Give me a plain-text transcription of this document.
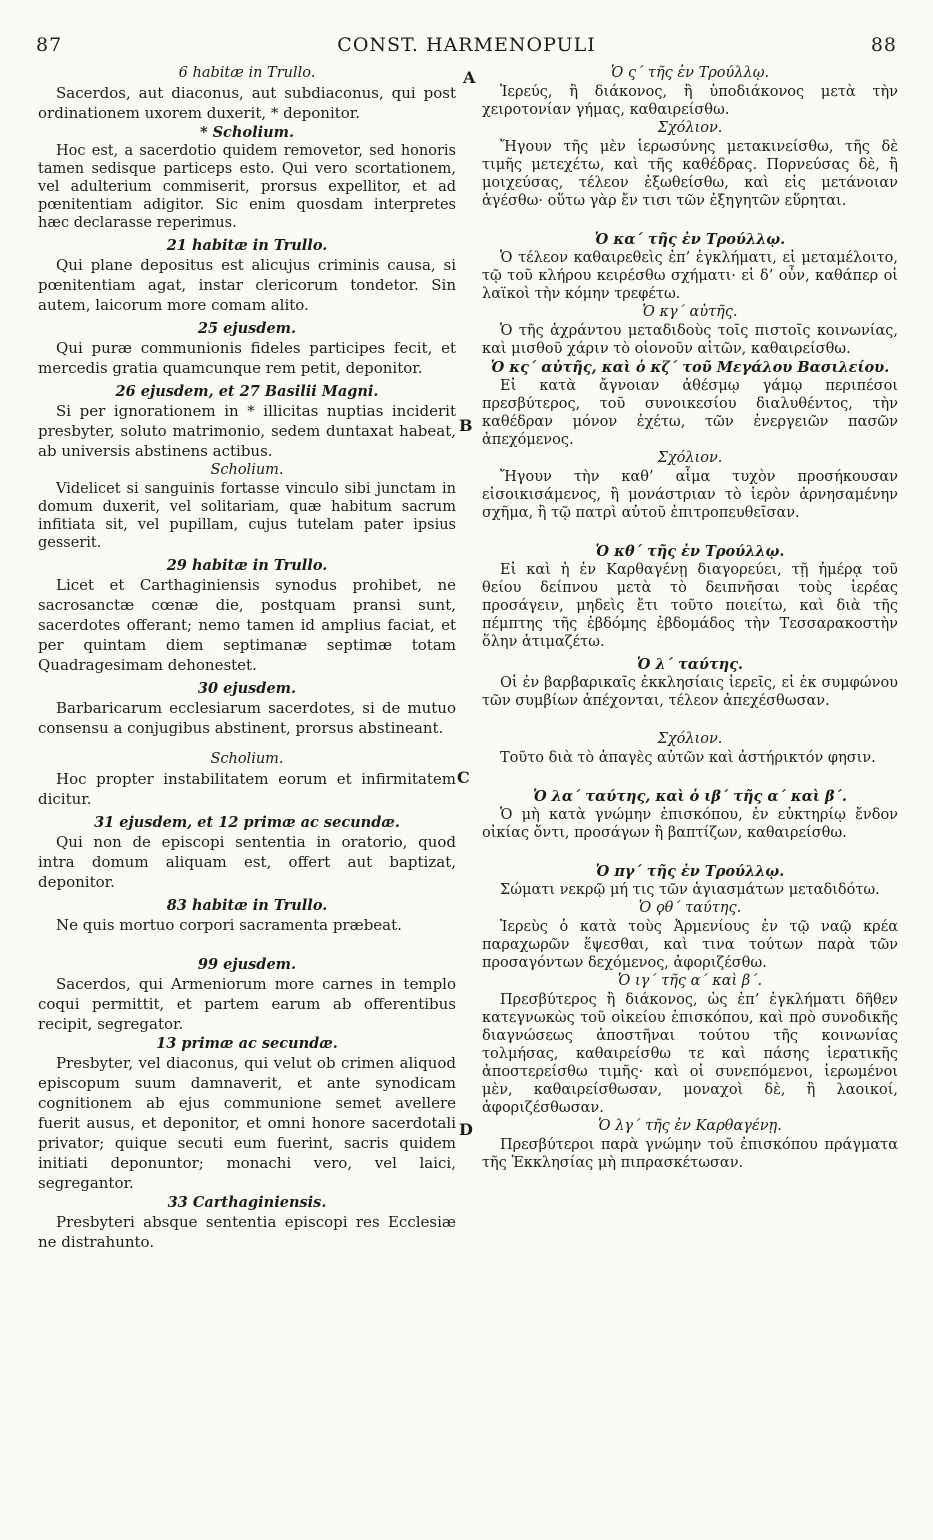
87	CONST. HARMENOPULI	88
A
B
C
D

6 habitæ in Trullo.

Sacerdos, aut diaconus, aut subdiaconus, qui post ordinationem uxorem duxerit, * deponitor.

* Scholium.

Hoc est, a sacerdotio quidem removetor, sed honoris tamen sedisque particeps esto. Qui vero scortationem, vel adulterium commiserit, prorsus expellitor, et ad pœnitentiam adigitor. Sic enim quosdam interpretes hæc declarasse reperimus.

21 habitæ in Trullo.

Qui plane depositus est alicujus criminis causa, si pœnitentiam agat, instar clericorum tondetor. Sin autem, laicorum more comam alito.

25 ejusdem.

Qui puræ communionis fideles participes fecit, et mercedis gratia quamcunque rem petit, deponitor.

26 ejusdem, et 27 Basilii Magni.

Si per ignorationem in * illicitas nuptias inciderit presbyter, soluto matrimonio, sedem duntaxat habeat, ab universis abstinens actibus.

Scholium.

Videlicet si sanguinis fortasse vinculo sibi junctam in domum duxerit, vel solitariam, quæ habitum sacrum infitiata sit, vel pupillam, cujus tutelam pater ipsius gesserit.

29 habitæ in Trullo.

Licet et Carthaginiensis synodus prohibet, ne sacrosanctæ cœnæ die, postquam pransi sunt, sacerdotes offerant; nemo tamen id amplius faciat, et per quintam diem septimanæ septimæ totam Quadragesimam dehonestet.

30 ejusdem.

Barbaricarum ecclesiarum sacerdotes, si de mutuo consensu a conjugibus abstinent, prorsus abstineant.

Scholium.

Hoc propter instabilitatem eorum et infirmitatem dicitur.

31 ejusdem, et 12 primæ ac secundæ.

Qui non de episcopi sententia in oratorio, quod intra domum aliquam est, offert aut baptizat, deponitor.

83 habitæ in Trullo.

Ne quis mortuo corpori sacramenta præbeat.

99 ejusdem.

Sacerdos, qui Armeniorum more carnes in templo coqui permittit, et partem earum ab offerentibus recipit, segregator.

13 primæ ac secundæ.

Presbyter, vel diaconus, qui velut ob crimen aliquod episcopum suum damnaverit, et ante synodicam cognitionem ab ejus communione semet avellere fuerit ausus, et deponitor, et omni honore sacerdotali privator; quique secuti eum fuerint, sacris quidem initiati deponuntor; monachi vero, vel laici, segregantor.

33 Carthaginiensis.

Presbyteri absque sententia episcopi res Ecclesiæ ne distrahunto.

Ὁ ς΄ τῆς ἐν Τρούλλῳ.

Ἱερεύς, ἢ διάκονος, ἢ ὑποδιάκονος μετὰ τὴν χειροτονίαν γήμας, καθαιρείσθω.

Σχόλιον.

Ἤγουν τῆς μὲν ἱερωσύνης μετακινείσθω, τῆς δὲ τιμῆς μετεχέτω, καὶ τῆς καθέδρας. Πορνεύσας δὲ, ἢ μοιχεύσας, τέλεον ἐξωθείσθω, καὶ εἰς μετάνοιαν ἀγέσθω· οὕτω γὰρ ἔν τισι τῶν ἐξηγητῶν εὕρηται.

Ὁ κα΄ τῆς ἐν Τρούλλῳ.

Ὁ τέλεον καθαιρεθεὶς ἐπ’ ἐγκλήματι, εἰ μεταμέλοιτο, τῷ τοῦ κλήρου κειρέσθω σχήματι· εἰ δ’ οὖν, καθάπερ οἱ λαϊκοὶ τὴν κόμην τρεφέτω.

Ὁ κγ΄ αὐτῆς.

Ὁ τῆς ἀχράντου μεταδιδοὺς τοῖς πιστοῖς κοινωνίας, καὶ μισθοῦ χάριν τὸ οἱονοῦν αἰτῶν, καθαιρείσθω.

Ὁ κς΄ αὐτῆς, καὶ ὁ κζ΄ τοῦ Μεγάλου Βασιλείου.

Εἰ κατὰ ἄγνοιαν ἀθέσμῳ γάμῳ περιπέσοι πρεσβύτερος, τοῦ συνοικεσίου διαλυθέντος, τὴν καθέδραν μόνον ἐχέτω, τῶν ἐνεργειῶν πασῶν ἀπεχόμενος.

Σχόλιον.

Ἤγουν τὴν καθ’ αἷμα τυχὸν προσήκουσαν εἰσοικισάμενος, ἢ μονάστριαν τὸ ἱερὸν ἀρνησαμένην σχῆμα, ἢ τῷ πατρὶ αὐτοῦ ἐπιτροπευθεῖσαν.

Ὁ κθ΄ τῆς ἐν Τρούλλῳ.

Εἰ καὶ ἡ ἐν Καρθαγένῃ διαγορεύει, τῇ ἡμέρᾳ τοῦ θείου δείπνου μετὰ τὸ δειπνῆσαι τοὺς ἱερέας προσάγειν, μηδεὶς ἔτι τοῦτο ποιείτω, καὶ διὰ τῆς πέμπτης τῆς ἑβδόμης ἑβδομάδος τὴν Τεσσαρακοστὴν ὅλην ἀτιμαζέτω.

Ὁ λ΄ ταύτης.

Οἱ ἐν βαρβαρικαῖς ἐκκλησίαις ἱερεῖς, εἰ ἐκ συμφώνου τῶν συμβίων ἀπέχονται, τέλεον ἀπεχέσθωσαν.

Σχόλιον.

Τοῦτο διὰ τὸ ἀπαγὲς αὐτῶν καὶ ἀστήρικτόν φησιν.

Ὁ λα΄ ταύτης, καὶ ὁ ιβ΄ τῆς α΄ καὶ β΄.

Ὁ μὴ κατὰ γνώμην ἐπισκόπου, ἐν εὐκτηρίῳ ἔνδον οἰκίας ὄντι, προσάγων ἢ βαπτίζων, καθαιρείσθω.

Ὁ πγ΄ τῆς ἐν Τρούλλῳ.

Σώματι νεκρῷ μή τις τῶν ἁγιασμάτων μεταδιδότω.

Ὁ ϙθ΄ ταύτης.

Ἱερεὺς ὁ κατὰ τοὺς Ἀρμενίους ἐν τῷ ναῷ κρέα παραχωρῶν ἕψεσθαι, καὶ τινα τούτων παρὰ τῶν προσαγόντων δεχόμενος, ἀφοριζέσθω.

Ὁ ιγ΄ τῆς α΄ καὶ β΄.

Πρεσβύτερος ἢ διάκονος, ὡς ἐπ’ ἐγκλήματι δῆθεν κατεγνωκὼς τοῦ οἰκείου ἐπισκόπου, καὶ πρὸ συνοδικῆς διαγνώσεως ἀποστῆναι τούτου τῆς κοινωνίας τολμήσας, καθαιρείσθω τε καὶ πάσης ἱερατικῆς ἀποστερείσθω τιμῆς· καὶ οἱ συνεπόμενοι, ἱερωμένοι μὲν, καθαιρείσθωσαν, μοναχοὶ δὲ, ἢ λαοικοί, ἀφοριζέσθωσαν.

Ὁ λγ΄ τῆς ἐν Καρθαγένῃ.

Πρεσβύτεροι παρὰ γνώμην τοῦ ἐπισκόπου πράγματα τῆς Ἐκκλησίας μὴ πιπρασκέτωσαν.
